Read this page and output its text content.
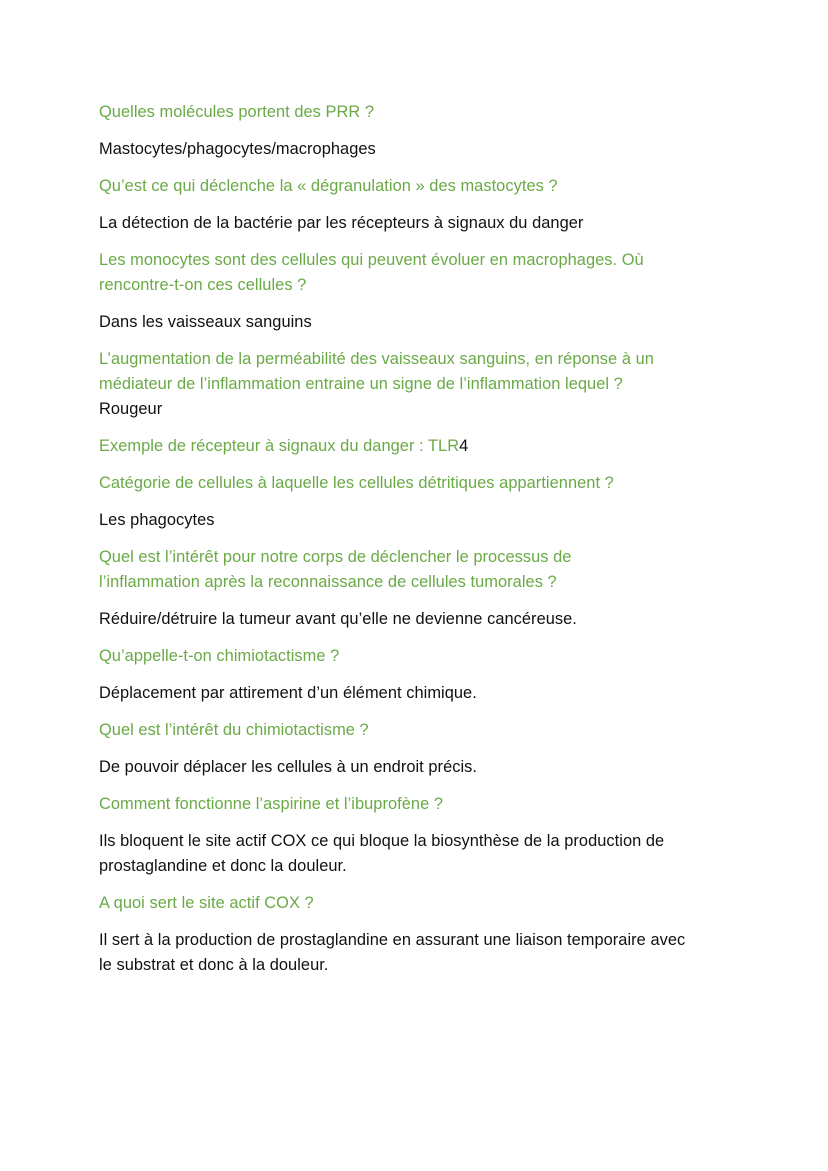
Quelles molécules portent des PRR ?

Mastocytes/phagocytes/macrophages

Qu’est ce qui déclenche la « dégranulation » des mastocytes ?

La détection de la bactérie par les récepteurs à signaux du danger

Les monocytes sont des cellules qui peuvent évoluer en macrophages. Où rencontre-t-on ces cellules ?

Dans les vaisseaux sanguins

L’augmentation de la perméabilité des vaisseaux sanguins, en réponse à un médiateur de l’inflammation entraine un signe de l’inflammation lequel ?

Rougeur

Exemple de récepteur à signaux du danger : TLR4

Catégorie de cellules à laquelle les cellules détritiques appartiennent ?

Les phagocytes

Quel est l’intérêt pour notre corps de déclencher le processus de l’inflammation après la reconnaissance de cellules tumorales ?

Réduire/détruire la tumeur avant qu’elle ne devienne cancéreuse.

Qu’appelle-t-on chimiotactisme ?

Déplacement par attirement d’un élément chimique.

Quel est l’intérêt du chimiotactisme ?

De pouvoir déplacer les cellules à un endroit précis.

Comment fonctionne l’aspirine et l’ibuprofène ?

Ils bloquent le site actif COX ce qui bloque la biosynthèse de la production de prostaglandine et donc la douleur.

A quoi sert le site actif COX ?

Il sert à la production de prostaglandine en assurant une liaison temporaire avec le substrat et donc à la douleur.
